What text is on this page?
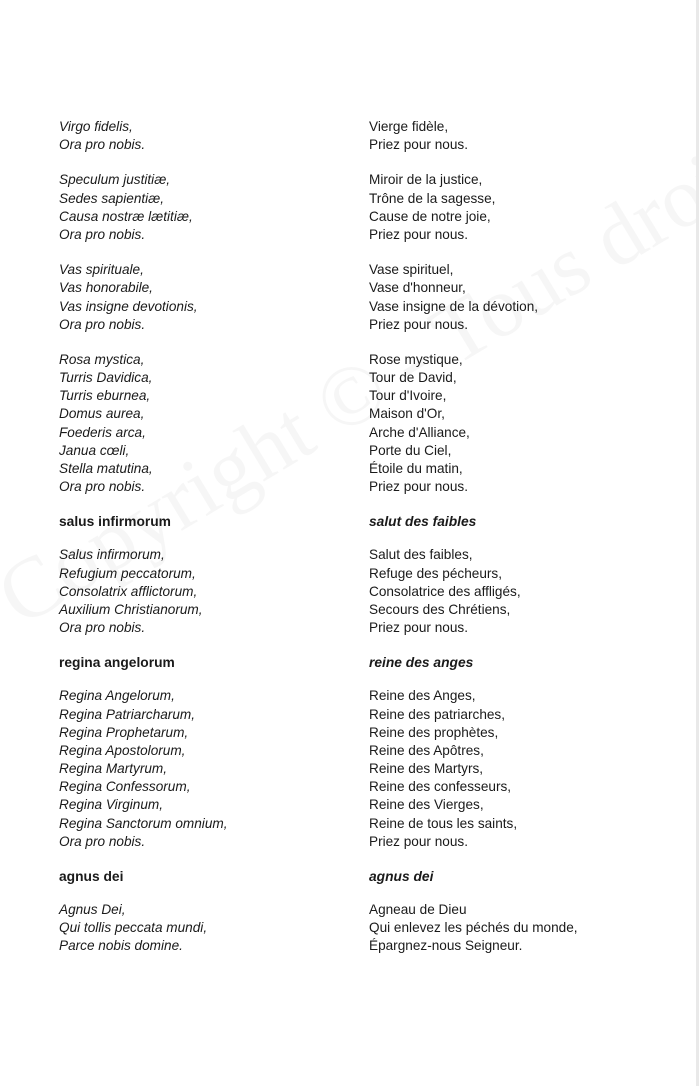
Virgo fidelis,
Ora pro nobis.
Speculum justitiæ,
Sedes sapientiæ,
Causa nostræ lætitiæ,
Ora pro nobis.
Vas spirituale,
Vas honorabile,
Vas insigne devotionis,
Ora pro nobis.
Rosa mystica,
Turris Davidica,
Turris eburnea,
Domus aurea,
Foederis arca,
Janua cœli,
Stella matutina,
Ora pro nobis.
salus infirmorum
Salus infirmorum,
Refugium peccatorum,
Consolatrix afflictorum,
Auxilium Christianorum,
Ora pro nobis.
regina angelorum
Regina Angelorum,
Regina Patriarcharum,
Regina Prophetarum,
Regina Apostolorum,
Regina Martyrum,
Regina Confessorum,
Regina Virginum,
Regina Sanctorum omnium,
Ora pro nobis.
agnus dei
Agnus Dei,
Qui tollis peccata mundi,
Parce nobis domine.
Vierge fidèle,
Priez pour nous.
Miroir de la justice,
Trône de la sagesse,
Cause de notre joie,
Priez pour nous.
Vase spirituel,
Vase d'honneur,
Vase insigne de la dévotion,
Priez pour nous.
Rose mystique,
Tour de David,
Tour d'Ivoire,
Maison d'Or,
Arche d'Alliance,
Porte du Ciel,
Étoile du matin,
Priez pour nous.
salut des faibles
Salut des faibles,
Refuge des pécheurs,
Consolatrice des affligés,
Secours des Chrétiens,
Priez pour nous.
reine des anges
Reine des Anges,
Reine des patriarches,
Reine des prophètes,
Reine des Apôtres,
Reine des Martyrs,
Reine des confesseurs,
Reine des Vierges,
Reine de tous les saints,
Priez pour nous.
agnus dei
Agneau de Dieu
Qui enlevez les péchés du monde,
Épargnez-nous Seigneur.
